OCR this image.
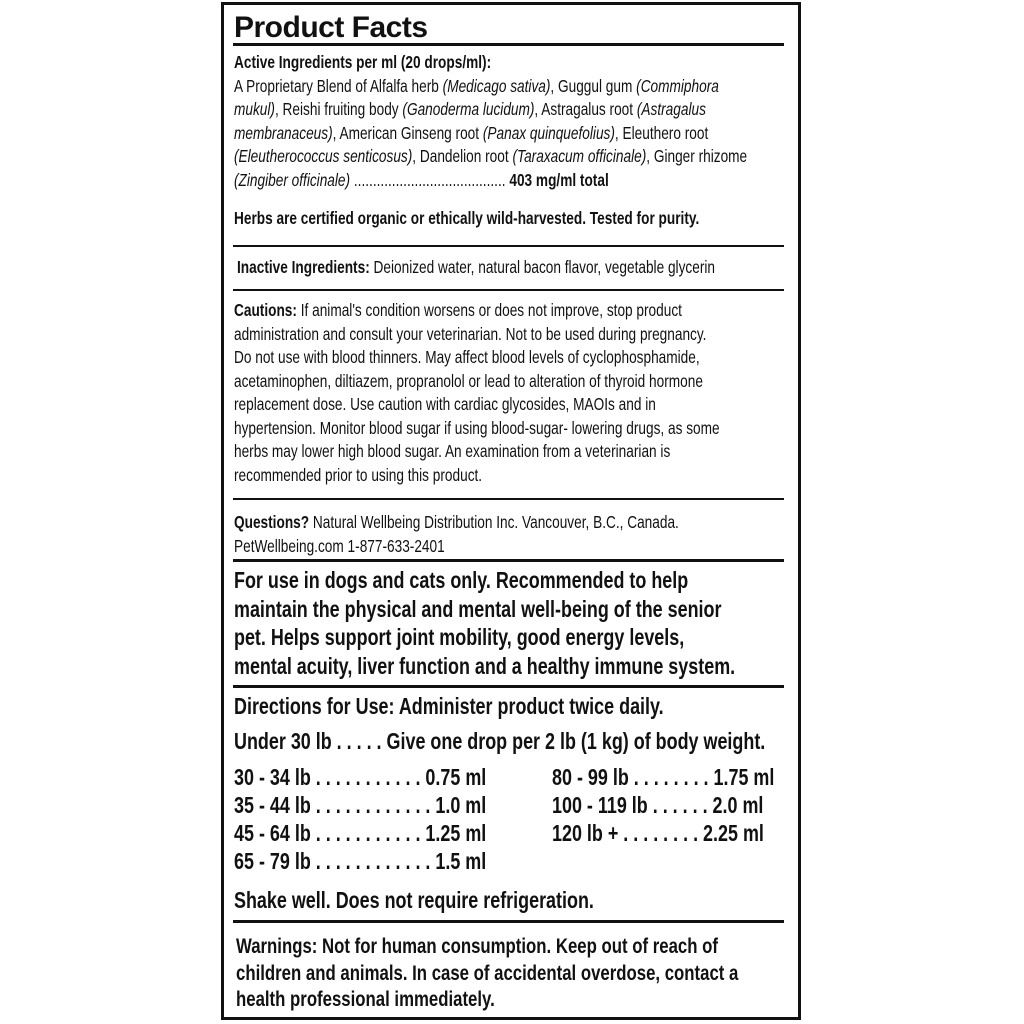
Product Facts
Active Ingredients per ml (20 drops/ml):
A Proprietary Blend of Alfalfa herb (Medicago sativa), Guggul gum (Commiphora
mukul), Reishi fruiting body (Ganoderma lucidum), Astragalus root (Astragalus
membranaceus), American Ginseng root (Panax quinquefolius), Eleuthero root
(Eleutherococcus senticosus), Dandelion root (Taraxacum officinale), Ginger rhizome
(Zingiber officinale) ........................................ 403 mg/ml total
Herbs are certified organic or ethically wild-harvested. Tested for purity.
Inactive Ingredients: Deionized water, natural bacon flavor, vegetable glycerin
Cautions: If animal's condition worsens or does not improve, stop product
administration and consult your veterinarian. Not to be used during pregnancy.
Do not use with blood thinners. May affect blood levels of cyclophosphamide,
acetaminophen, diltiazem, propranolol or lead to alteration of thyroid hormone
replacement dose. Use caution with cardiac glycosides, MAOIs and in
hypertension. Monitor blood sugar if using blood-sugar- lowering drugs, as some
herbs may lower high blood sugar. An examination from a veterinarian is
recommended prior to using this product.
Questions? Natural Wellbeing Distribution Inc. Vancouver, B.C., Canada.
PetWellbeing.com 1-877-633-2401
For use in dogs and cats only. Recommended to help
maintain the physical and mental well-being of the senior
pet. Helps support joint mobility, good energy levels,
mental acuity, liver function and a healthy immune system.
Directions for Use: Administer product twice daily.
Under 30 lb . . . . . Give one drop per 2 lb (1 kg) of body weight.
30 - 34 lb . . . . . . . . . . . 0.75 ml
35 - 44 lb . . . . . . . . . . . . 1.0 ml
45 - 64 lb . . . . . . . . . . . 1.25 ml
65 - 79 lb . . . . . . . . . . . . 1.5 ml
80 - 99 lb . . . . . . . . 1.75 ml
100 - 119 lb . . . . . . 2.0 ml
120 lb + . . . . . . . . 2.25 ml
Shake well. Does not require refrigeration.
Warnings: Not for human consumption. Keep out of reach of
children and animals. In case of accidental overdose, contact a
health professional immediately.
